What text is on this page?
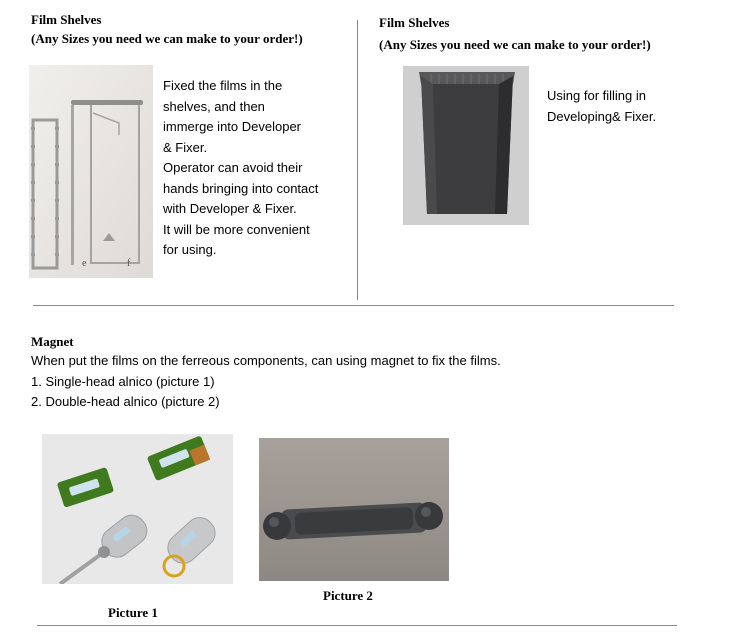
Film Shelves
(Any Sizes you need we can make to your order!)
e	f
Fixed the films in the
shelves, and then
immerge into Developer
& Fixer.
Operator can avoid their
hands bringing into contact
with Developer & Fixer.
It will be more convenient
for using.
Film Shelves
(Any Sizes you need we can make to your order!)
Using for filling in
Developing& Fixer.
Magnet
When put the films on the ferreous components, can using magnet to fix the films.
1. Single-head alnico (picture 1)
2. Double-head alnico (picture 2)
Picture 1
Picture 2
